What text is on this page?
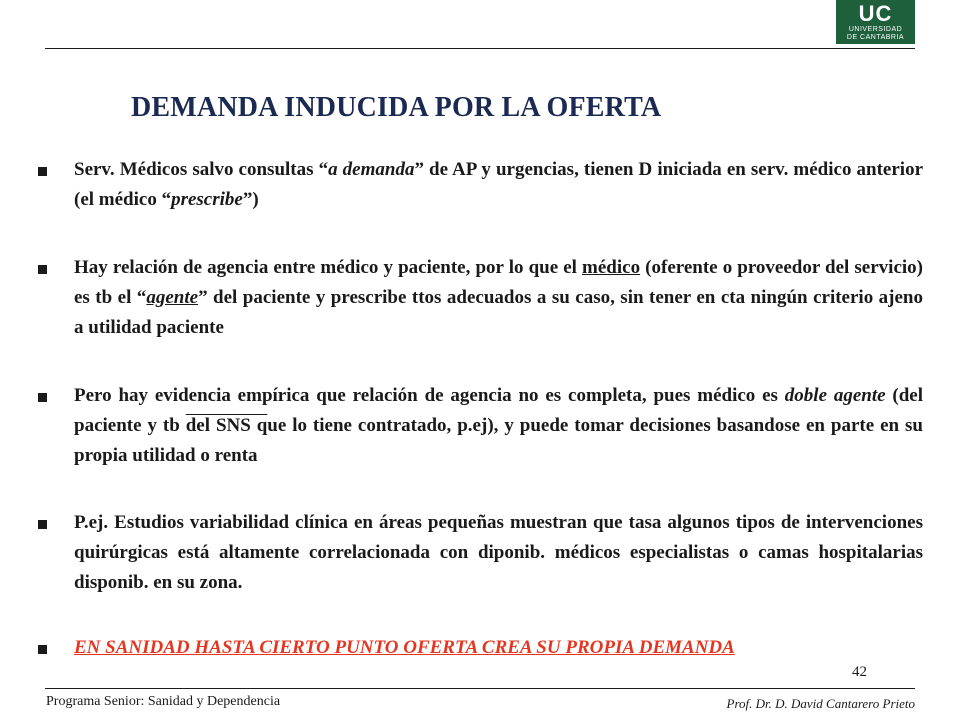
UC
UNIVERSIDAD
DE CANTABRIA
DEMANDA INDUCIDA POR LA OFERTA
Serv. Médicos salvo consultas “a demanda” de AP y urgencias, tienen D iniciada en serv. médico anterior (el médico “prescribe”)
Hay relación de agencia entre médico y paciente, por lo que el médico (oferente o proveedor del servicio) es tb el “agente” del paciente y prescribe ttos adecuados a su caso, sin tener en cta ningún criterio ajeno a utilidad paciente
Pero hay evidencia empírica que relación de agencia no es completa, pues médico es doble agente (del paciente y tb del SNS que lo tiene contratado, p.ej), y puede tomar decisiones basandose en parte en su propia utilidad o renta
P.ej. Estudios variabilidad clínica en áreas pequeñas muestran que tasa algunos tipos de intervenciones quirúrgicas está altamente correlacionada con diponib. médicos especialistas o camas hospitalarias disponib. en su zona.
EN SANIDAD HASTA CIERTO PUNTO OFERTA CREA SU PROPIA DEMANDA
42
Programa Senior: Sanidad y Dependencia	Prof. Dr. D. David Cantarero Prieto
